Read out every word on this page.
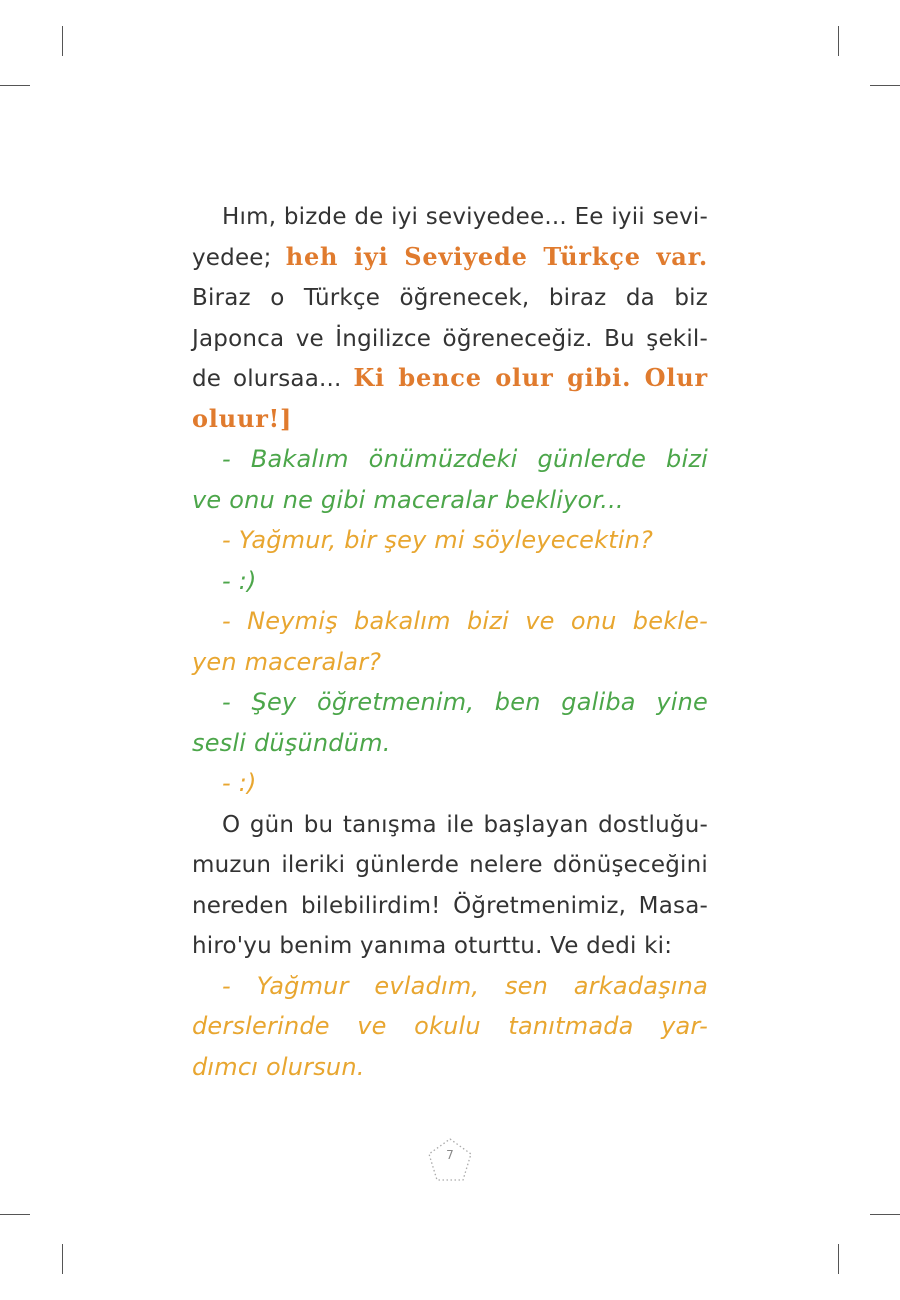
Hım, bizde de iyi seviyedee... Ee iyii sevi-
yedee; heh iyi Seviyede Türkçe var.
Biraz o Türkçe öğrenecek, biraz da biz
Japonca ve İngilizce öğreneceğiz. Bu şekil-
de olursaa... Ki bence olur gibi. Olur
oluur!]
- Bakalım önümüzdeki günlerde bizi
ve onu ne gibi maceralar bekliyor...
- Yağmur, bir şey mi söyleyecektin?
- :)
- Neymiş bakalım bizi ve onu bekle-
yen maceralar?
- Şey öğretmenim, ben galiba yine
sesli düşündüm.
- :)
O gün bu tanışma ile başlayan dostluğu-
muzun ileriki günlerde nelere dönüşeceğini
nereden bilebilirdim! Öğretmenimiz, Masa-
hiro'yu benim yanıma oturttu. Ve dedi ki:
- Yağmur evladım, sen arkadaşına
derslerinde ve okulu tanıtmada yar-
dımcı olursun.
7
